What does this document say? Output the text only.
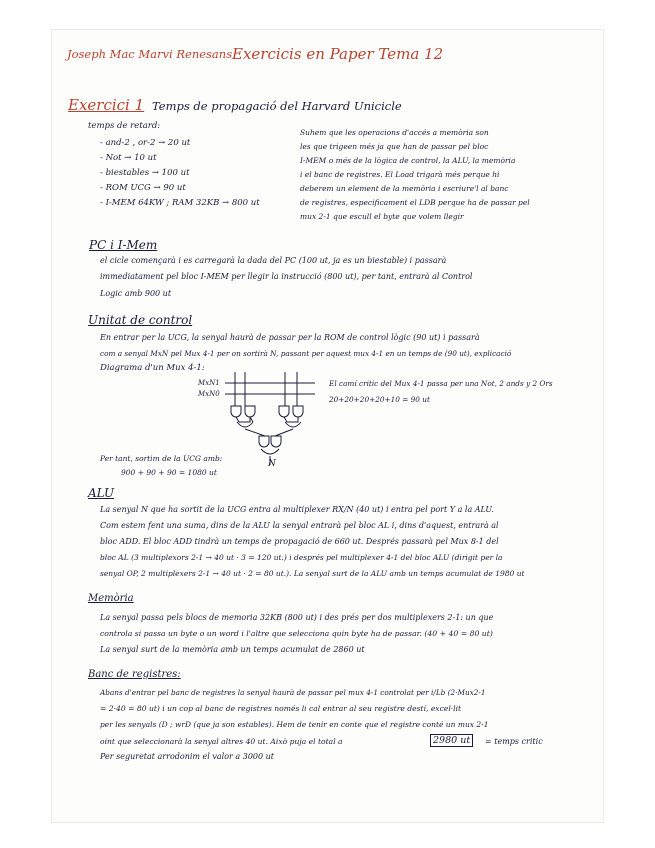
Joseph Mac Marvi Renesans Exercicis en Paper Tema 12
Exercici 1 Temps de propagació del Harvard Unicicle
temps de retard:
- and-2 , or-2 → 20 ut
- Not → 10 ut
- biestables → 100 ut
- ROM UCG → 90 ut
- I-MEM 64KW ; RAM 32KB → 800 ut
Suhem que les operacions d'accés a memòria son
les que trigeen més ja que han de passar pel bloc
I-MEM o més de la lògica de control, la ALU, la memòria
i el banc de registres. El Load trigarà més perque hi
deberem un element de la memòria i escriure'l al banc
de registres, especificament el LDB perque ha de passar pel
mux 2-1 que escull el byte que volem llegir
PC i I-Mem
el cicle començarà i es carregarà la dada del PC (100 ut, ja es un biestable) i passarà
immediatament pel bloc I-MEM per llegir la instrucció (800 ut), per tant, entrarà al Control
Logic amb 900 ut
Unitat de control
En entrar per la UCG, la senyal haurà de passar per la ROM de control lògic (90 ut) i passarà
com a senyal MxN pel Mux 4-1 per on sortirà N, passant per aquest mux 4-1 en un temps de (90 ut), explicació
Diagrama d'un Mux 4-1:
MxN1
MxN0
N
El camí critic del Mux 4-1 passa per una Not, 2 ands y 2 Ors
20+20+20+20+10 = 90 ut
Per tant, sortim de la UCG amb:
900 + 90 + 90 = 1080 ut
ALU
La senyal N que ha sortit de la UCG entra al multiplexer RX/N (40 ut) i entra pel port Y a la ALU.
Com estem fent una suma, dins de la ALU la senyal entrarà pel bloc AL i, dins d'aquest, entrarà al
bloc ADD. El bloc ADD tindrà un temps de propagació de 660 ut. Després passarà pel Mux 8-1 del
bloc AL (3 multiplexors 2-1 → 40 ut · 3 = 120 ut.) i després pel multiplexer 4-1 del bloc ALU (dirigit per la
senyal OP, 2 multiplexers 2-1 → 40 ut · 2 = 80 ut.). La senyal surt de la ALU amb un temps acumulat de 1980 ut
Memòria
La senyal passa pels blocs de memoria 32KB (800 ut) i des prés per dos multiplexers 2-1: un que
controla si passa un byte o un word i l'altre que selecciona quin byte ha de passar. (40 + 40 = 80 ut)
La senyal surt de la memòria amb un temps acumulat de 2860 ut
Banc de registres:
Abans d'entrar pel banc de registres la senyal haurà de passar pel mux 4-1 controlat per i/Lb (2·Mux2-1
= 2·40 = 80 ut) i un cop al banc de registres només li cal entrar al seu registre destí, excel·lit
per les senyals (D ; wrD (que ja son estables). Hem de tenir en conte que el registre conté un mux 2-1
oint que seleccionarà la senyal altres 40 ut. Això puja el total a	2980 ut	= temps critic
Per seguretat arrodonim el valor a 3000 ut
